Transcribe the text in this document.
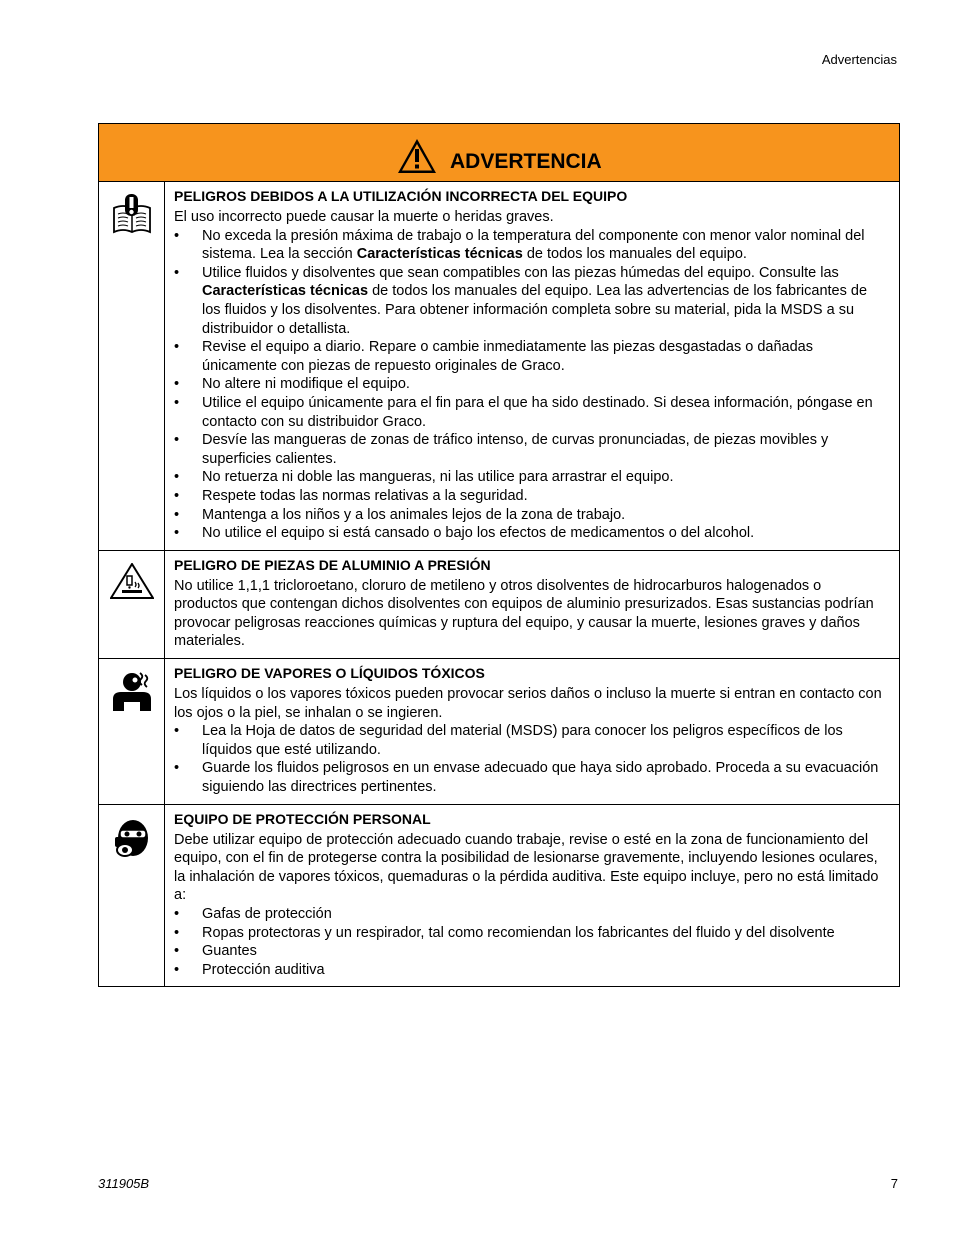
Advertencias
ADVERTENCIA

PELIGROS DEBIDOS A LA UTILIZACIÓN INCORRECTA DEL EQUIPO

El uso incorrecto puede causar la muerte o heridas graves.

• No exceda la presión máxima de trabajo o la temperatura del componente con menor valor nominal del sistema. Lea la sección Características técnicas de todos los manuales del equipo.
• Utilice fluidos y disolventes que sean compatibles con las piezas húmedas del equipo. Consulte las Características técnicas de todos los manuales del equipo. Lea las advertencias de los fabricantes de los fluidos y los disolventes. Para obtener información completa sobre su material, pida la MSDS a su distribuidor o detallista.
• Revise el equipo a diario. Repare o cambie inmediatamente las piezas desgastadas o dañadas únicamente con piezas de repuesto originales de Graco.
• No altere ni modifique el equipo.
• Utilice el equipo únicamente para el fin para el que ha sido destinado. Si desea información, póngase en contacto con su distribuidor Graco.
• Desvíe las mangueras de zonas de tráfico intenso, de curvas pronunciadas, de piezas movibles y superficies calientes.
• No retuerza ni doble las mangueras, ni las utilice para arrastrar el equipo.
• Respete todas las normas relativas a la seguridad.
• Mantenga a los niños y a los animales lejos de la zona de trabajo.
• No utilice el equipo si está cansado o bajo los efectos de medicamentos o del alcohol.

PELIGRO DE PIEZAS DE ALUMINIO A PRESIÓN

No utilice 1,1,1 tricloroetano, cloruro de metileno y otros disolventes de hidrocarburos halogenados o productos que contengan dichos disolventes con equipos de aluminio presurizados. Esas sustancias podrían provocar peligrosas reacciones químicas y ruptura del equipo, y causar la muerte, lesiones graves y daños materiales.

PELIGRO DE VAPORES O LÍQUIDOS TÓXICOS

Los líquidos o los vapores tóxicos pueden provocar serios daños o incluso la muerte si entran en contacto con los ojos o la piel, se inhalan o se ingieren.

• Lea la Hoja de datos de seguridad del material (MSDS) para conocer los peligros específicos de los líquidos que esté utilizando.
• Guarde los fluidos peligrosos en un envase adecuado que haya sido aprobado. Proceda a su evacuación siguiendo las directrices pertinentes.

EQUIPO DE PROTECCIÓN PERSONAL

Debe utilizar equipo de protección adecuado cuando trabaje, revise o esté en la zona de funcionamiento del equipo, con el fin de protegerse contra la posibilidad de lesionarse gravemente, incluyendo lesiones oculares, la inhalación de vapores tóxicos, quemaduras o la pérdida auditiva. Este equipo incluye, pero no está limitado a:

• Gafas de protección
• Ropas protectoras y un respirador, tal como recomiendan los fabricantes del fluido y del disolvente
• Guantes
• Protección auditiva
311905B	7
